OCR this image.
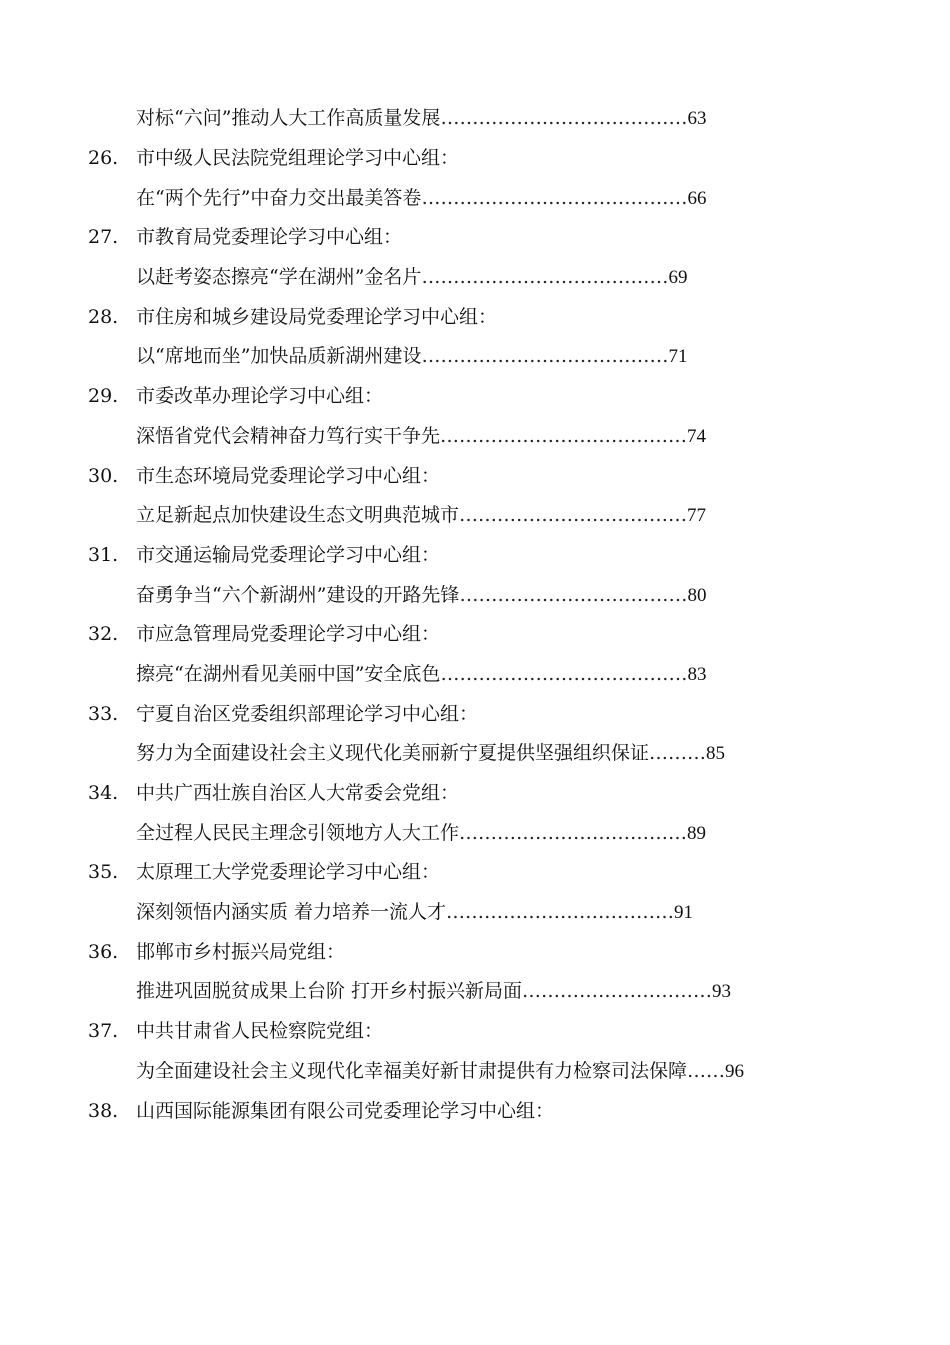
对标“六问”推动人大工作高质量发展 ………………………………… 63
26. 市中级人民法院党组理论学习中心组：
在“两个先行”中奋力交出最美答卷 …………………………………… 66
27. 市教育局党委理论学习中心组：
以赶考姿态擦亮“学在湖州”金名片 ………………………………… 69
28. 市住房和城乡建设局党委理论学习中心组：
以“席地而坐”加快品质新湖州建设 ………………………………… 71
29. 市委改革办理论学习中心组：
深悟省党代会精神奋力笃行实干争先 ………………………………… 74
30. 市生态环境局党委理论学习中心组：
立足新起点加快建设生态文明典范城市 ……………………………… 77
31. 市交通运输局党委理论学习中心组：
奋勇争当“六个新湖州”建设的开路先锋 ……………………………… 80
32. 市应急管理局党委理论学习中心组：
擦亮“在湖州看见美丽中国”安全底色 ………………………………… 83
33. 宁夏自治区党委组织部理论学习中心组：
努力为全面建设社会主义现代化美丽新宁夏提供坚强组织保证 ……… 85
34. 中共广西壮族自治区人大常委会党组：
全过程人民民主理念引领地方人大工作 ……………………………… 89
35. 太原理工大学党委理论学习中心组：
深刻领悟内涵实质 着力培养一流人才 ……………………………… 91
36. 邯郸市乡村振兴局党组：
推进巩固脱贫成果上台阶 打开乡村振兴新局面 ………………………… 93
37. 中共甘肃省人民检察院党组：
为全面建设社会主义现代化幸福美好新甘肃提供有力检察司法保障 …… 96
38. 山西国际能源集团有限公司党委理论学习中心组：
